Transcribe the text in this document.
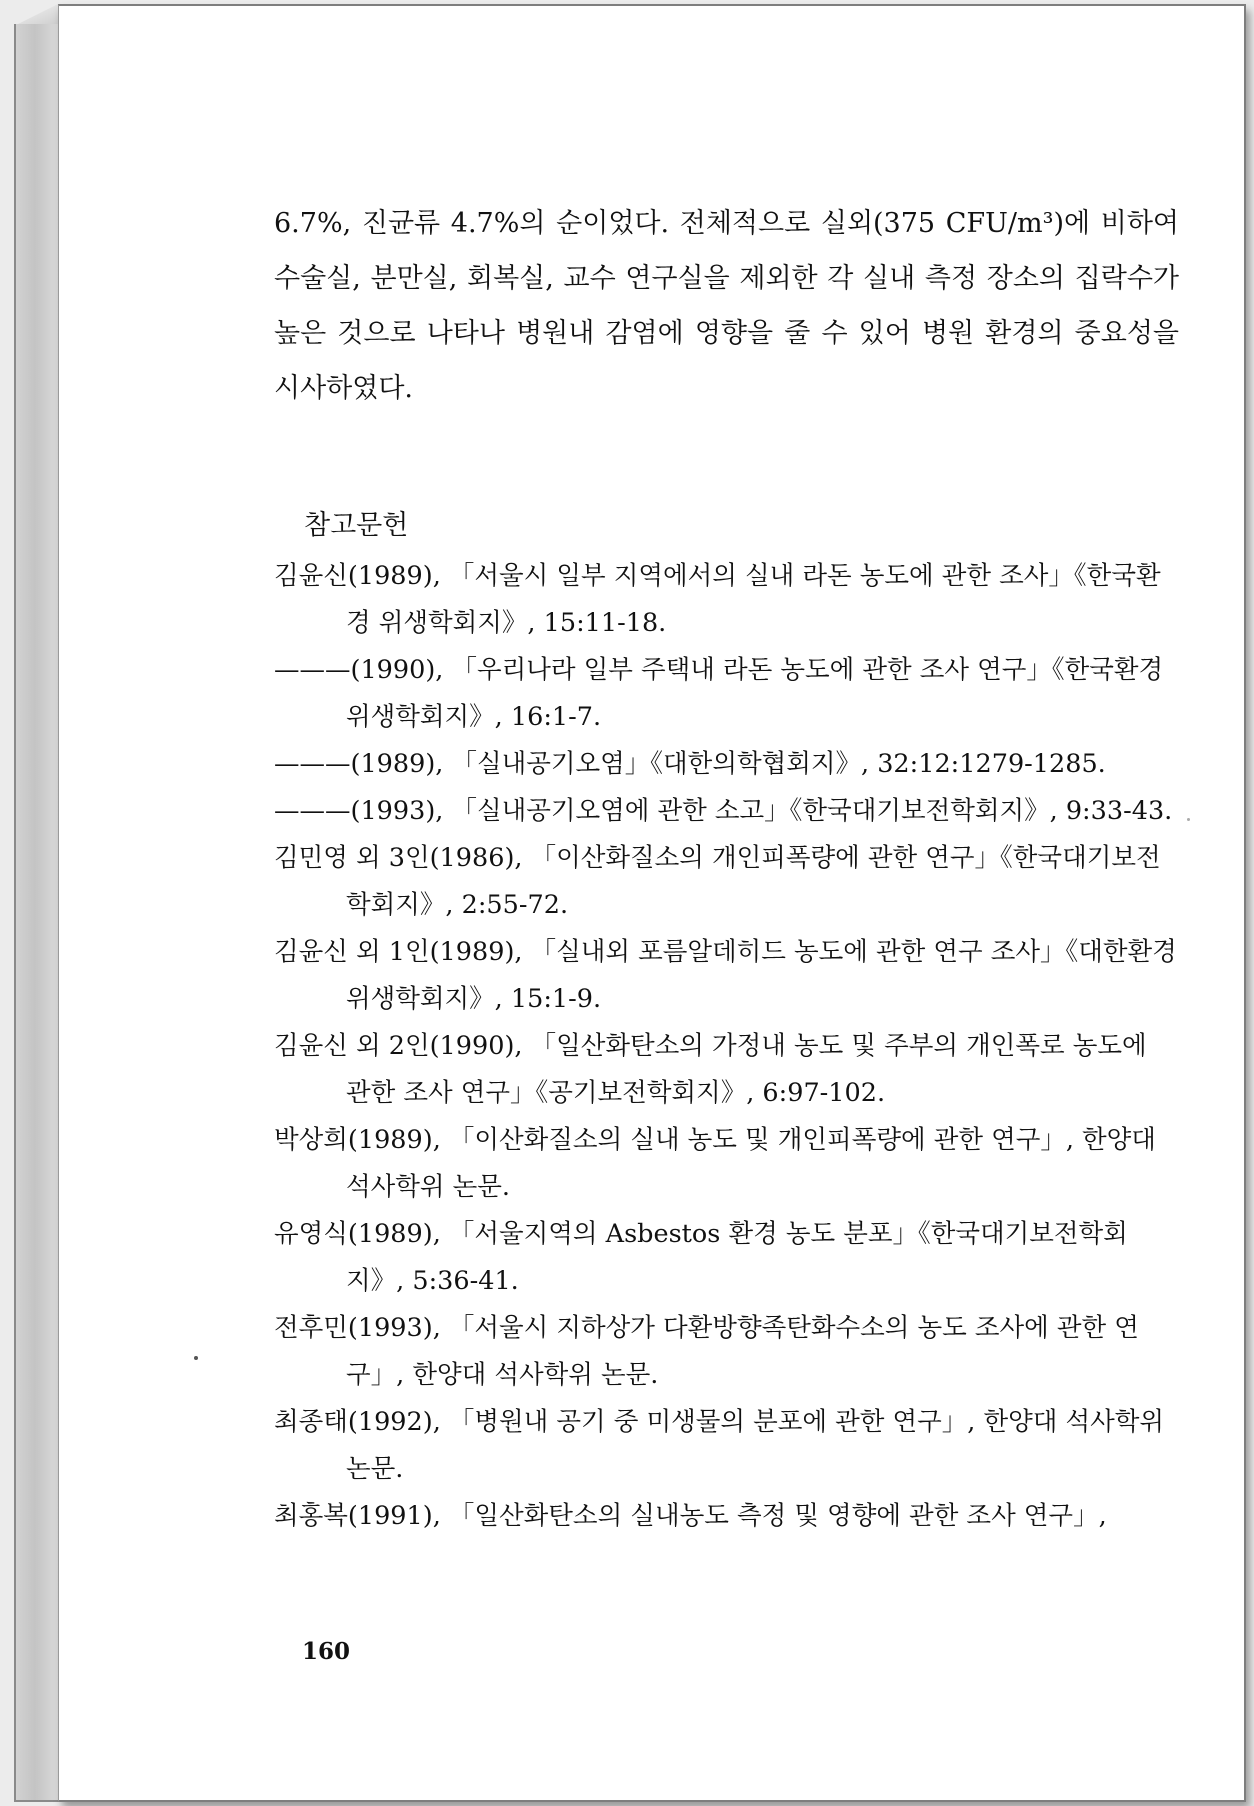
6.7%, 진균류 4.7%의 순이었다. 전체적으로 실외(375 CFU/m³)에 비하여 수술실, 분만실, 회복실, 교수 연구실을 제외한 각 실내 측정 장소의 집락수가 높은 것으로 나타나 병원내 감염에 영향을 줄 수 있어 병원 환경의 중요성을 시사하였다.

참고문헌
김윤신(1989), 「서울시 일부 지역에서의 실내 라돈 농도에 관한 조사」《한국환경 위생학회지》, 15:11-18.
———(1990), 「우리나라 일부 주택내 라돈 농도에 관한 조사 연구」《한국환경 위생학회지》, 16:1-7.
———(1989), 「실내공기오염」《대한의학협회지》, 32:12:1279-1285.
———(1993), 「실내공기오염에 관한 소고」《한국대기보전학회지》, 9:33-43.
김민영 외 3인(1986), 「이산화질소의 개인피폭량에 관한 연구」《한국대기보전학회지》, 2:55-72.
김윤신 외 1인(1989), 「실내외 포름알데히드 농도에 관한 연구 조사」《대한환경위생학회지》, 15:1-9.
김윤신 외 2인(1990), 「일산화탄소의 가정내 농도 및 주부의 개인폭로 농도에 관한 조사 연구」《공기보전학회지》, 6:97-102.
박상희(1989), 「이산화질소의 실내 농도 및 개인피폭량에 관한 연구」, 한양대 석사학위 논문.
유영식(1989), 「서울지역의 Asbestos 환경 농도 분포」《한국대기보전학회지》, 5:36-41.
전후민(1993), 「서울시 지하상가 다환방향족탄화수소의 농도 조사에 관한 연구」, 한양대 석사학위 논문.
최종태(1992), 「병원내 공기 중 미생물의 분포에 관한 연구」, 한양대 석사학위 논문.
최홍복(1991), 「일산화탄소의 실내농도 측정 및 영향에 관한 조사 연구」,
160
